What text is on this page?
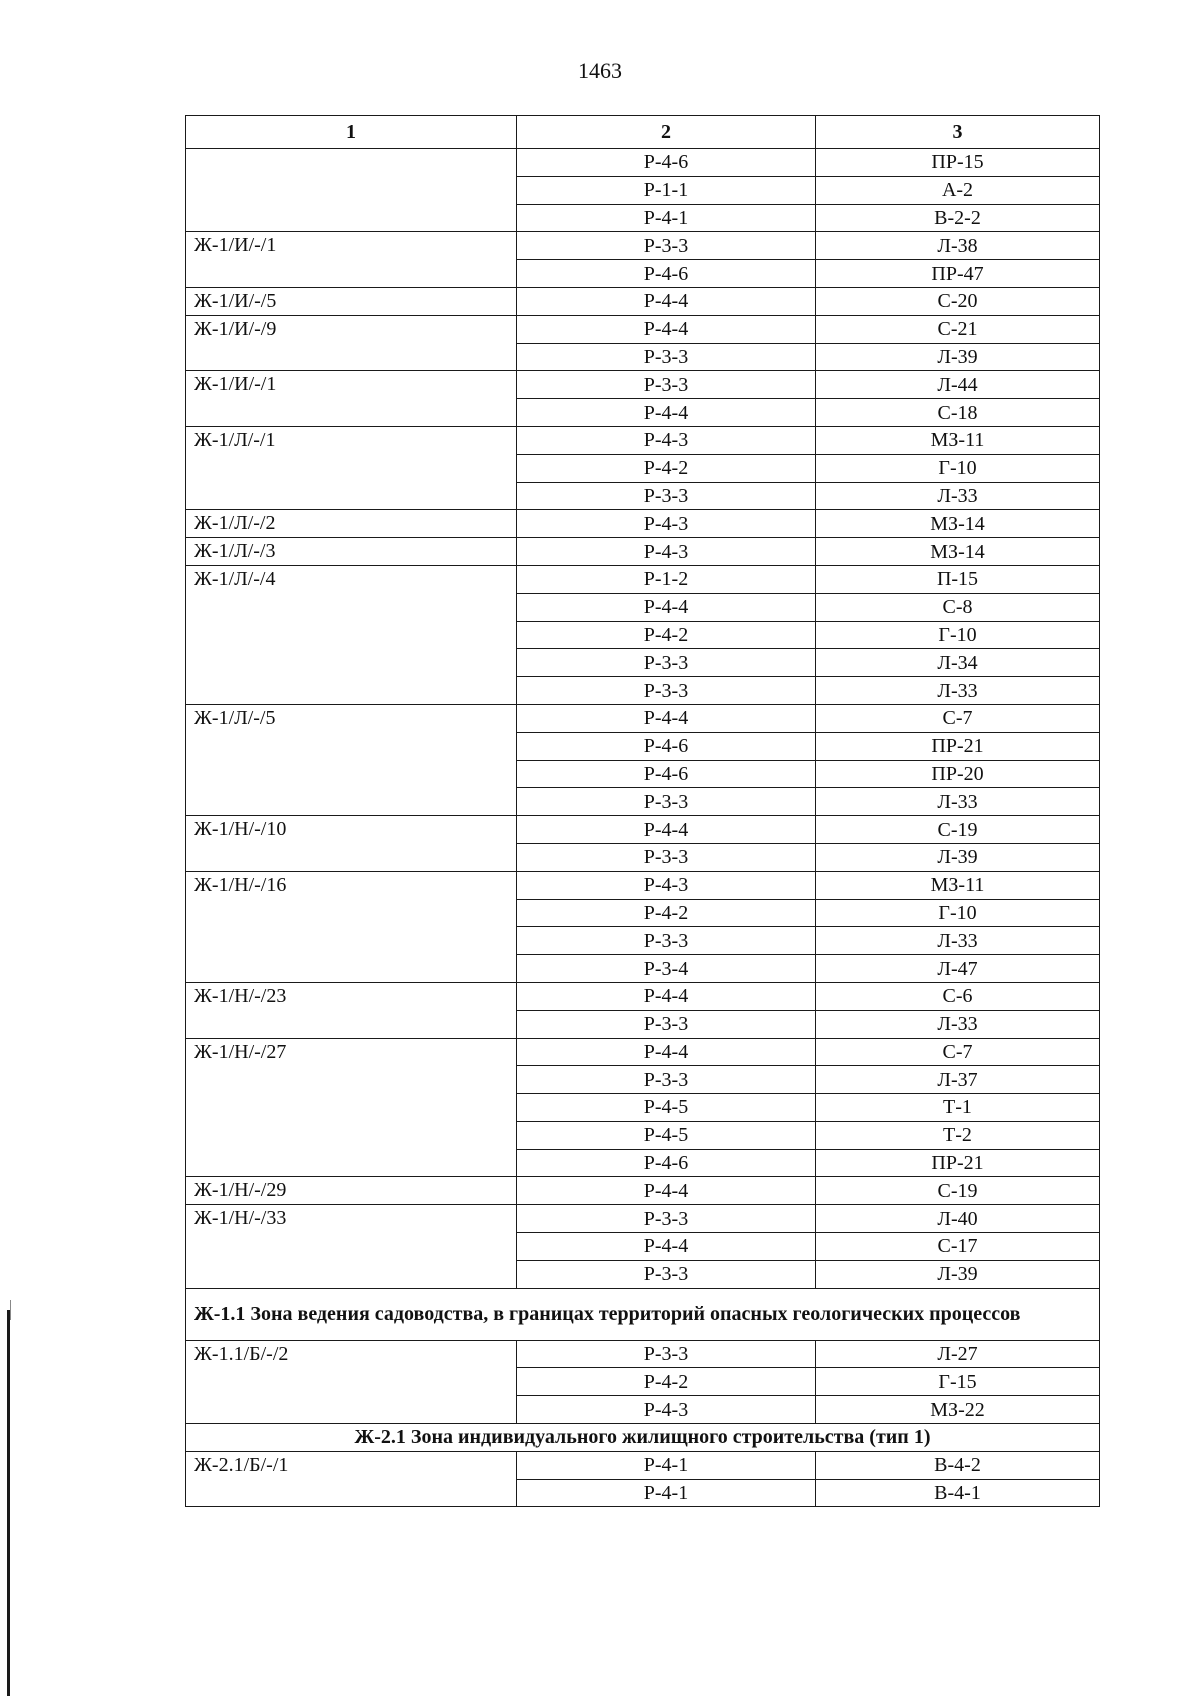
1463
1	2	3
	Р-4-6	ПР-15
	Р-1-1	А-2
	Р-4-1	В-2-2
Ж-1/И/-/1	Р-3-3	Л-38
	Р-4-6	ПР-47
Ж-1/И/-/5	Р-4-4	С-20
Ж-1/И/-/9	Р-4-4	С-21
	Р-3-3	Л-39
Ж-1/И/-/1	Р-3-3	Л-44
	Р-4-4	С-18
Ж-1/Л/-/1	Р-4-3	МЗ-11
	Р-4-2	Г-10
	Р-3-3	Л-33
Ж-1/Л/-/2	Р-4-3	МЗ-14
Ж-1/Л/-/3	Р-4-3	МЗ-14
Ж-1/Л/-/4	Р-1-2	П-15
	Р-4-4	С-8
	Р-4-2	Г-10
	Р-3-3	Л-34
	Р-3-3	Л-33
Ж-1/Л/-/5	Р-4-4	С-7
	Р-4-6	ПР-21
	Р-4-6	ПР-20
	Р-3-3	Л-33
Ж-1/Н/-/10	Р-4-4	С-19
	Р-3-3	Л-39
Ж-1/Н/-/16	Р-4-3	МЗ-11
	Р-4-2	Г-10
	Р-3-3	Л-33
	Р-3-4	Л-47
Ж-1/Н/-/23	Р-4-4	С-6
	Р-3-3	Л-33
Ж-1/Н/-/27	Р-4-4	С-7
	Р-3-3	Л-37
	Р-4-5	Т-1
	Р-4-5	Т-2
	Р-4-6	ПР-21
Ж-1/Н/-/29	Р-4-4	С-19
Ж-1/Н/-/33	Р-3-3	Л-40
	Р-4-4	С-17
	Р-3-3	Л-39
Ж-1.1 Зона ведения садоводства, в границах территорий опасных геологических процессов		
Ж-1.1/Б/-/2	Р-3-3	Л-27
	Р-4-2	Г-15
	Р-4-3	МЗ-22
Ж-2.1 Зона индивидуального жилищного строительства (тип 1)		
Ж-2.1/Б/-/1	Р-4-1	В-4-2
	Р-4-1	В-4-1
